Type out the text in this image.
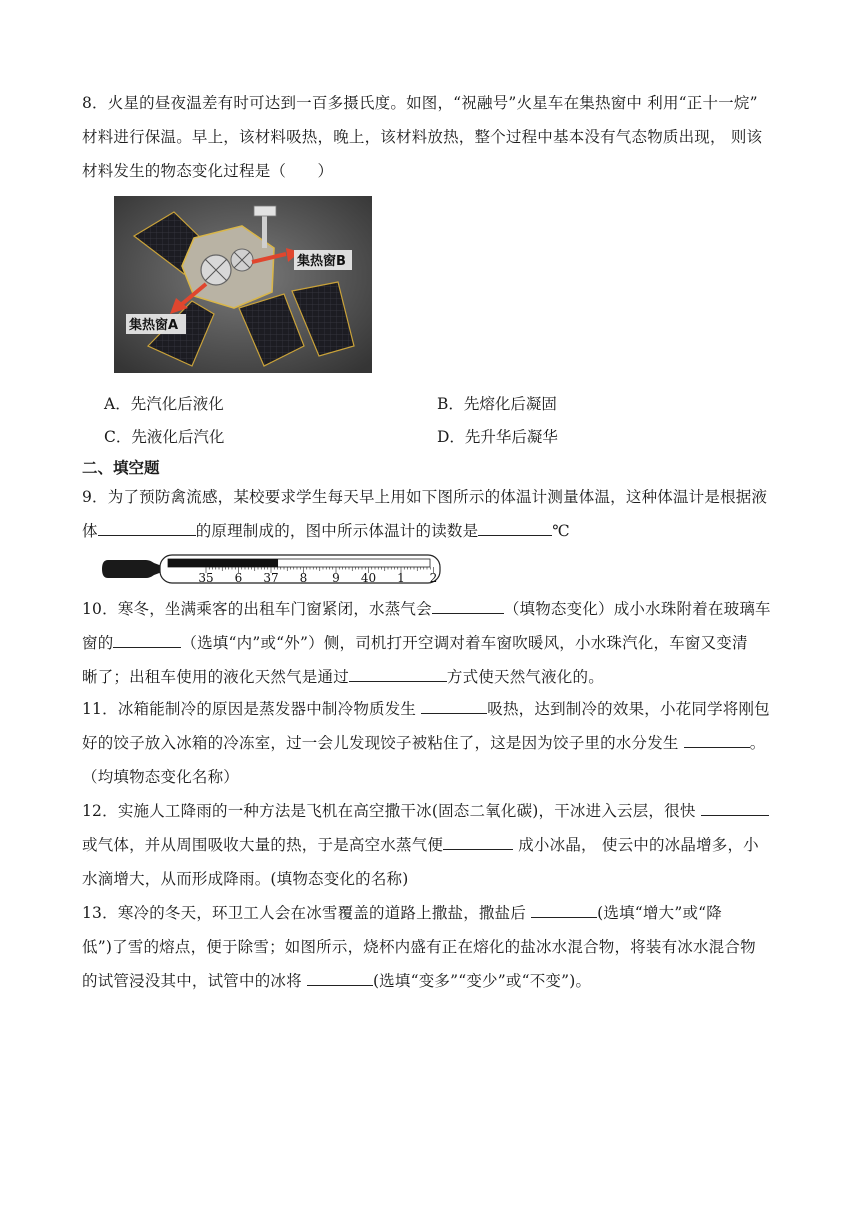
8．火星的昼夜温差有时可达到一百多摄氏度。如图，“祝融号”火星车在集热窗中 利用“正十一烷”
材料进行保温。早上，该材料吸热，晚上，该材料放热，整个过程中基本没有气态物质出现， 则该
材料发生的物态变化过程是（　　）
集热窗B
集热窗A
A．先汽化后液化	B．先熔化后凝固
C．先液化后汽化	D．先升华后凝华
二、填空题
9．为了预防禽流感，某校要求学生每天早上用如下图所示的体温计测量体温，这种体温计是根据液
体	的原理制成的，图中所示体温计的读数是	℃
35 6 37 8 9 40 1 2
10．寒冬，坐满乘客的出租车门窗紧闭，水蒸气会	（填物态变化）成小水珠附着在玻璃车
窗的	（选填“内”或“外”）侧，司机打开空调对着车窗吹暖风，小水珠汽化，车窗又变清
晰了；出租车使用的液化天然气是通过	方式使天然气液化的。
11．冰箱能制冷的原因是蒸发器中制冷物质发生	吸热，达到制冷的效果，小花同学将刚包
好的饺子放入冰箱的冷冻室，过一会儿发现饺子被粘住了，这是因为饺子里的水分发生	。
（均填物态变化名称）
12．实施人工降雨的一种方法是飞机在高空撒干冰(固态二氧化碳)，干冰进入云层，很快
或气体，并从周围吸收大量的热，于是高空水蒸气便	成小冰晶， 使云中的冰晶增多，小
水滴增大，从而形成降雨。(填物态变化的名称)
13．寒冷的冬天，环卫工人会在冰雪覆盖的道路上撒盐，撒盐后	(选填“增大”或“降
低”)了雪的熔点，便于除雪；如图所示，烧杯内盛有正在熔化的盐冰水混合物，将装有冰水混合物
的试管浸没其中，试管中的冰将	(选填“变多”“变少”或“不变”)。
